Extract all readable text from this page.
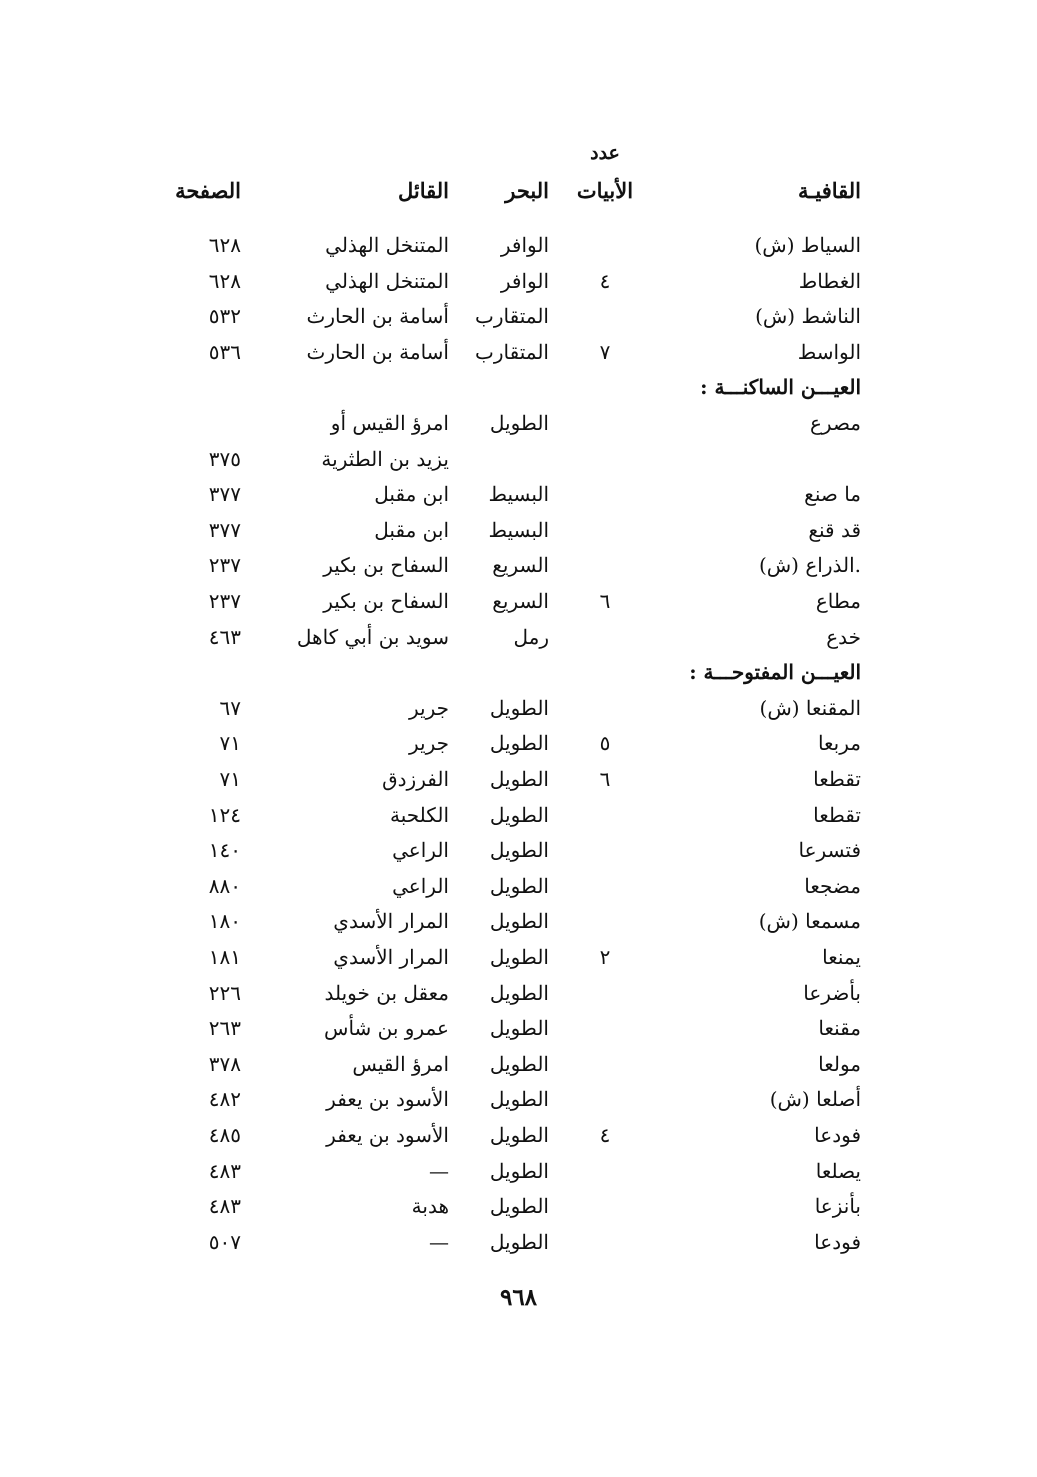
عدد
القافيـة
الأبيات
البحر
القائل
الصفحة
السياط (ش)
الوافر
المتنخل الهذلي
٦٢٨
الغطاط
٤
الوافر
المتنخل الهذلي
٦٢٨
الناشط (ش)
المتقارب
أسامة بن الحارث
٥٣٢
الواسط
٧
المتقارب
أسامة بن الحارث
٥٣٦
العيـــن الساكنـــة :
مصرع
الطويل
امرؤ القيس أو
يزيد بن الطثرية
٣٧٥
ما صنع
البسيط
ابن مقبل
٣٧٧
قد قنع
البسيط
ابن مقبل
٣٧٧
.الذراع (ش)
السريع
السفاح بن بكير
٢٣٧
مطاع
٦
السريع
السفاح بن بكير
٢٣٧
خدع
رمل
سويد بن أبي كاهل
٤٦٣
العيـــن المفتوحـــة :
المقنعا (ش)
الطويل
جرير
٦٧
مربعا
٥
الطويل
جرير
٧١
تقطعا
٦
الطويل
الفرزدق
٧١
تقطعا
الطويل
الكلحبة
١٢٤
فتسرعا
الطويل
الراعي
١٤٠
مضجعا
الطويل
الراعي
٨٨٠
مسمعا (ش)
الطويل
المرار الأسدي
١٨٠
يمنعا
٢
الطويل
المرار الأسدي
١٨١
بأضرعا
الطويل
معقل بن خويلد
٢٢٦
مقنعا
الطويل
عمرو بن شأس
٢٦٣
مولعا
الطويل
امرؤ القيس
٣٧٨
أصلعا (ش)
الطويل
الأسود بن يعفر
٤٨٢
فودعا
٤
الطويل
الأسود بن يعفر
٤٨٥
يصلعا
الطويل
—
٤٨٣
بأنزعا
الطويل
هدبة
٤٨٣
فودعا
الطويل
—
٥٠٧
٩٦٨
